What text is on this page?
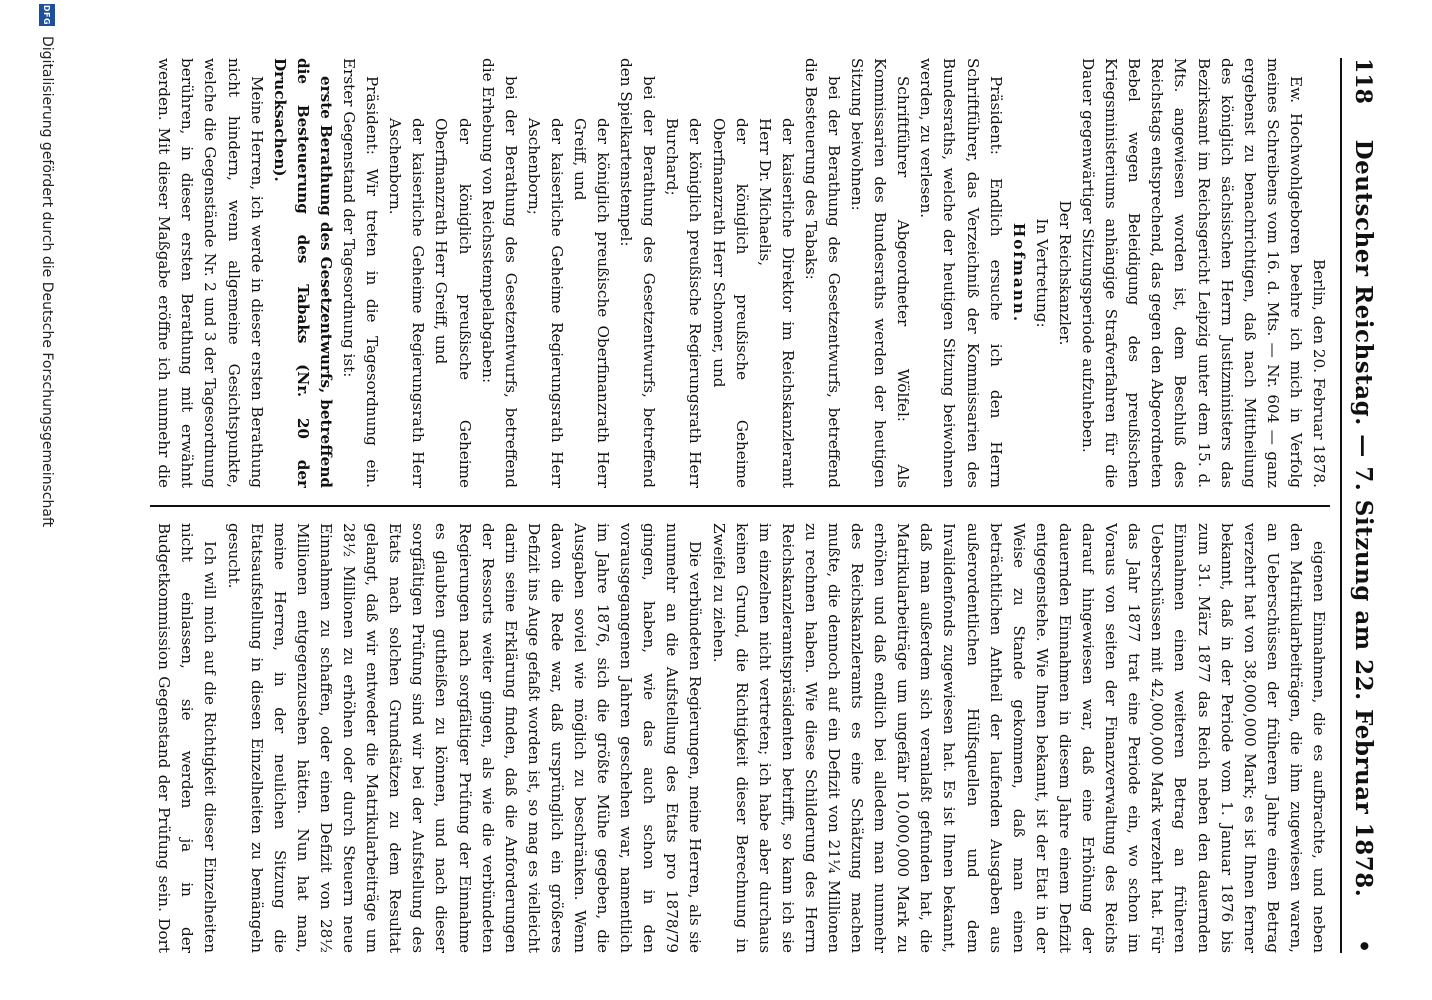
118
Deutscher Reichstag. — 7. Sitzung am 22. Februar 1878.
•

Berlin, den 20. Februar 1878.

Ew. Hochwohlgeboren beehre ich mich in Verfolg meines Schreibens vom 16. d. Mts. — Nr. 604 — ganz ergebenst zu benachrichtigen, daß nach Mittheilung des königlich sächsischen Herrn Justizministers das Bezirksamt im Reichsgericht Leipzig unter dem 15. d. Mts. angewiesen worden ist, dem Beschluß des Reichstags entsprechend, das gegen den Abgeordneten Bebel wegen Beleidigung des preußischen Kriegsministeriums anhängige Strafverfahren für die Dauer gegenwärtiger Sitzungsperiode aufzuheben.

Der Reichskanzler.

In Vertretung:

Hofmann.

Präsident: Endlich ersuche ich den Herrn Schriftführer, das Verzeichniß der Kommissarien des Bundesraths, welche der heutigen Sitzung beiwohnen werden, zu verlesen.

Schriftführer Abgeordneter Wölfel: Als Kommissarien des Bundesraths werden der heutigen Sitzung beiwohnen:

bei der Berathung des Gesetzentwurfs, betreffend die Besteuerung des Tabaks:

der kaiserliche Direktor im Reichskanzleramt Herr Dr. Michaelis,

der königlich preußische Geheime Oberfinanzrath Herr Schomer, und

der königlich preußische Regierungsrath Herr Burchard;

bei der Berathung des Gesetzentwurfs, betreffend den Spielkartenstempel:

der königlich preußische Oberfinanzrath Herr Greiff, und

der kaiserliche Geheime Regierungsrath Herr Aschenborn;

bei der Berathung des Gesetzentwurfs, betreffend die Erhebung von Reichsstempelabgaben:

der königlich preußische Geheime Oberfinanzrath Herr Greiff, und

der kaiserliche Geheime Regierungsrath Herr Aschenborn.

Präsident: Wir treten in die Tagesordnung ein. Erster Gegenstand der Tagesordnung ist:

erste Berathung des Gesetzentwurfs, betreffend die Besteuerung des Tabaks (Nr. 20 der Drucksachen).

Meine Herren, ich werde in dieser ersten Berathung nicht hindern, wenn allgemeine Gesichtspunkte, welche die Gegenstände Nr. 2 und 3 der Tagesordnung berühren, in dieser ersten Berathung mit erwähnt werden. Mit dieser Maßgabe eröffne ich nunmehr die

eigenen Einnahmen, die es aufbrachte, und neben den Matrikularbeiträgen, die ihm zugewiesen waren, an Ueberschüssen der früheren Jahre einen Betrag verzehrt hat von 38,000,000 Mark; es ist Ihnen ferner bekannt, daß in der Periode vom 1. Januar 1876 bis zum 31. März 1877 das Reich neben den dauernden Einnahmen einen weiteren Betrag an früheren Ueberschüssen mit 42,000,000 Mark verzehrt hat. Für das Jahr 1877 trat eine Periode ein, wo schon im Voraus von seiten der Finanzverwaltung des Reichs darauf hingewiesen war, daß eine Erhöhung der dauernden Einnahmen in diesem Jahre einem Defizit entgegenstehe. Wie Ihnen bekannt, ist der Etat in der Weise zu Stande gekommen, daß man einen beträchtlichen Antheil der laufenden Ausgaben aus außerordentlichen Hülfsquellen und dem Invalidenfonds zugewiesen hat. Es ist Ihnen bekannt, daß man außerdem sich veranlaßt gefunden hat, die Matrikularbeiträge um ungefähr 10,000,000 Mark zu erhöhen und daß endlich bei alledem man nunmehr des Reichskanzleramts es eine Schätzung machen mußte, die dennoch auf ein Defizit von 21¼ Millionen zu rechnen haben. Wie diese Schilderung des Herrn Reichskanzleramtspräsidenten betrifft, so kann ich sie im einzelnen nicht vertreten; ich habe aber durchaus keinen Grund, die Richtigkeit dieser Berechnung in Zweifel zu ziehen.

Die verbündeten Regierungen, meine Herren, als sie nunmehr an die Aufstellung des Etats pro 1878/79 gingen, haben, wie das auch schon in den vorausgegangenen Jahren geschehen war, namentlich im Jahre 1876, sich die größte Mühe gegeben, die Ausgaben soviel wie möglich zu beschränken. Wenn davon die Rede war, daß ursprünglich ein größeres Defizit ins Auge gefaßt worden ist, so mag es vielleicht darin seine Erklärung finden, daß die Anforderungen der Ressorts weiter gingen, als wie die verbündeten Regierungen nach sorgfältiger Prüfung der Einnahme es glaubten gutheißen zu können, und nach dieser sorgfältigen Prüfung sind wir bei der Aufstellung des Etats nach solchen Grundsätzen zu dem Resultat gelangt, daß wir entweder die Matrikularbeiträge um 28½ Millionen zu erhöhen oder durch Steuern neue Einnahmen zu schaffen, oder einen Defizit von 28½ Millionen entgegenzusehen hätten. Nun hat man, meine Herren, in der neulichen Sitzung die Etatsaufstellung in diesen Einzelheiten zu bemängeln gesucht.

Ich will mich auf die Richtigkeit dieser Einzelheiten nicht einlassen, sie werden ja in der Budgetkommission Gegenstand der Prüfung sein. Dort

DFG
Digitalisierung gefördert durch die Deutsche Forschungsgemeinschaft
